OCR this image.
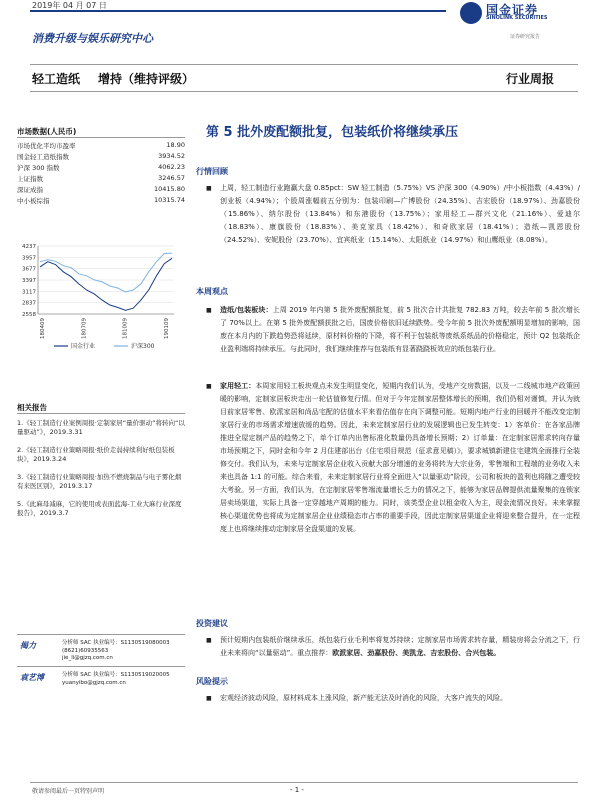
2019年 04 月 07 日	国金证券
SINOLINK SECURITIES
证券研究报告
消费升级与娱乐研究中心
轻工造纸 增持（维持评级）	行业周报
市场数据(人民币)
市场优化平均市盈率	18.90
国金轻工造纸指数	3934.52
沪深 300 指数	4062.23
上证指数	3246.57
深证成指	10415.80
中小板综指	10315.74
4237
3957
3677
3397
3117
2837
2558
180409	180709	181009	190109
国金行业	沪深300
相关报告
1.《轻工制造行业案例周报·定制家居“量价驱动”将转向“以量驱动”》，2019.3.31
2.《轻工制造行业策略周报·纸价走弱持续利好纸包装板块》，2019.3.24
3.《轻工制造行业策略周报·加热不燃烧制品与电子雾化烟有来医区别》，2019.3.17
5.《此麻母减麻，它的使用或表面蓝海-工业大麻行业深度报告》，2019.3.7
揭力	分析师 SAC 执业编号：S1130519080003
(8621)60935563
jie_li@gjzq.com.cn
袁艺博	分析师 SAC 执业编号：S1130519020005
yuanyibo@gjzq.com.cn
第 5 批外废配额批复，包装纸价将继续承压
行情回顾
■ 上周，轻工制造行业跑赢大盘 0.85pct：SW 轻工制造（5.75%）VS 沪深 300（4.90%）/中小板指数（4.43%）/创业板（4.94%）；个股周涨幅前五分别为：包装印刷—广博股份（24.35%）、吉宏股份（18.97%）、劲嘉股份（15.86%）、纳尔股份（13.84%）和东港股份（13.75%）；家用轻工—群兴文化（21.16%）、爱迪尔（18.83%）、康旗股份（18.83%）、美克家具（18.42%）、和奇欧家居（18.41%）；造纸—凯恩股份（24.52%）、安妮股份（23.70%）、宜宾纸业（15.14%）、太阳纸业（14.97%）和山鹰纸业（8.08%）。
本周观点
■ 造纸/包装板块：上周 2019 年内第 5 批外废配额批复，前 5 批次合计共批复 782.83 万吨，较去年前 5 批次增长了 70%以上。在第 5 批外废配额获批之后，国废价格依旧延续跌势。受今年前 5 批次外废配额明显增加的影响，国废在本月内的下跌趋势恐将延续，原材料价格的下降，将不利于包装纸等废纸系纸品的价格稳定，预计 Q2 包装纸企业盈利端将持续承压。与此同时，我们继续推荐与包装纸有显著跷跷板效应的纸包装行业。
■ 家用轻工：本周家用轻工板块观点未发生明显变化，短期内我们认为，受地产交房数据，以及一二线城市地产政策回暖的影响，定制家居板块走出一轮估值修复行情。但对于今年定制家居整体增长的预期，我们仍相对谨慎，并认为就目前家居零售、欧派家居和尚品宅配的估值水平来看估值存在向下调整可能。短期内地产行业的回暖并不能改变定制家居行业的市场需求增速放缓的趋势。因此，未来定制家居行业的发展逻辑也已发生转变：1）客单价：在各家品牌推进全屋定制产品的趋势之下，单个订单内出售标准化数量仍具备增长预期；2）订单量：在定制家居需求转向存量市场预期之下，同时金和今年 2 月住建部出台《住宅项目规范（征求意见稿）》，要求城镇新建住宅建筑全面推行全装修交付。我们认为，未来与定制家居企业收入贡献大部分增速的业务将转为大宗业务，零售端和工程端的业务收入未来也具备 1:1 的可能。综合来看，未来定制家居行业将全面进入“以量驱动”阶段，公司和板块的盈利也将随之遭受较大考验。另一方面，我们认为，在定制家居零售端流量增长乏力的情况之下，能够为家居品牌提供流量聚集的连锁家居卖场渠道，实际上具备一定穿越地产周期的能力。同时，该类型企业以租金收入为主，现金流情况良好。未来掌握核心渠道优势也将成为定制家居企业业绩稳态市占率的重要手段，因此定制家居渠道企业将迎来整合提升，在一定程度上也将继续推动定制家居全盘渠道的发展。
投资建议
■ 预计短期内包装纸价继续承压，纸包装行业毛利率将复苏持续；定制家居市场需求转存量，精装房将会分流之下，行业未来将向“以量驱动”。重点推荐：欧派家居、劲嘉股份、美凯龙、吉宏股份、合兴包装。
风险提示
■ 宏观经济波动风险，原材料成本上涨风险，新产能无法及时消化的风险，大客户流失的风险。
敬请参阅最后一页特别声明	- 1 -
